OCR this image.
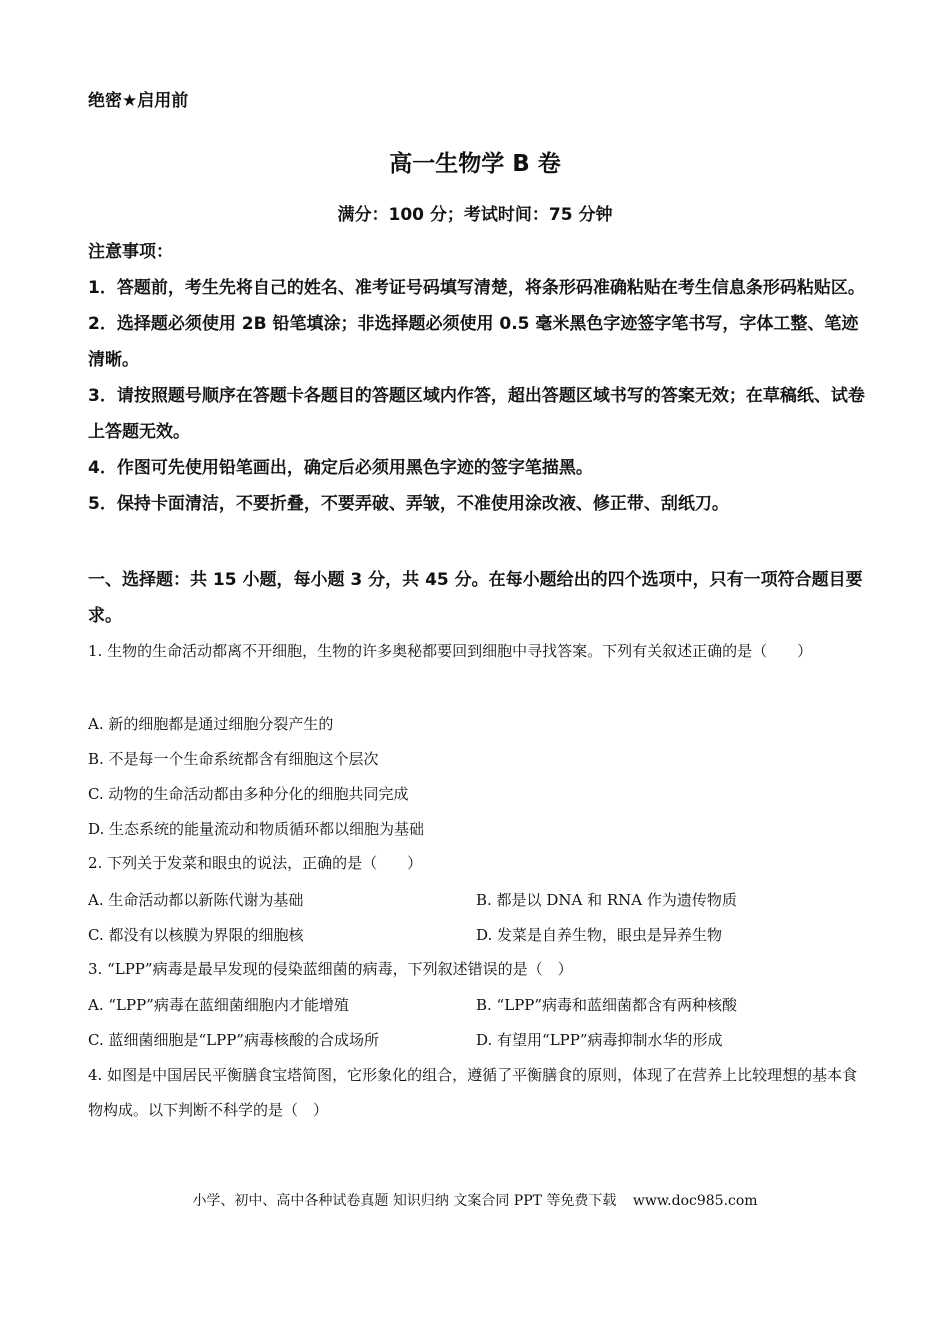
绝密★启用前
高一生物学 B 卷
满分：100 分；考试时间：75 分钟
注意事项：
1．答题前，考生先将自己的姓名、准考证号码填写清楚，将条形码准确粘贴在考生信息条形码粘贴区。
2．选择题必须使用 2B 铅笔填涂；非选择题必须使用 0.5 毫米黑色字迹签字笔书写，字体工整、笔迹清晰。
3．请按照题号顺序在答题卡各题目的答题区域内作答，超出答题区域书写的答案无效；在草稿纸、试卷上答题无效。
4．作图可先使用铅笔画出，确定后必须用黑色字迹的签字笔描黑。
5．保持卡面清洁，不要折叠，不要弄破、弄皱，不准使用涂改液、修正带、刮纸刀。
一、选择题：共 15 小题，每小题 3 分，共 45 分。在每小题给出的四个选项中，只有一项符合题目要求。
1. 生物的生命活动都离不开细胞，生物的许多奥秘都要回到细胞中寻找答案。下列有关叙述正确的是（　　）
A. 新的细胞都是通过细胞分裂产生的
B. 不是每一个生命系统都含有细胞这个层次
C. 动物的生命活动都由多种分化的细胞共同完成
D. 生态系统的能量流动和物质循环都以细胞为基础
2. 下列关于发菜和眼虫的说法，正确的是（　　）
A. 生命活动都以新陈代谢为基础	B. 都是以 DNA 和 RNA 作为遗传物质
C. 都没有以核膜为界限的细胞核	D. 发菜是自养生物，眼虫是异养生物
3. “LPP”病毒是最早发现的侵染蓝细菌的病毒，下列叙述错误的是（　）
A. “LPP”病毒在蓝细菌细胞内才能增殖	B. “LPP”病毒和蓝细菌都含有两种核酸
C. 蓝细菌细胞是“LPP”病毒核酸的合成场所	D. 有望用“LPP”病毒抑制水华的形成
4. 如图是中国居民平衡膳食宝塔简图，它形象化的组合，遵循了平衡膳食的原则，体现了在营养上比较理想的基本食物构成。以下判断不科学的是（　）
小学、初中、高中各种试卷真题 知识归纳 文案合同 PPT 等免费下载 www.doc985.com
